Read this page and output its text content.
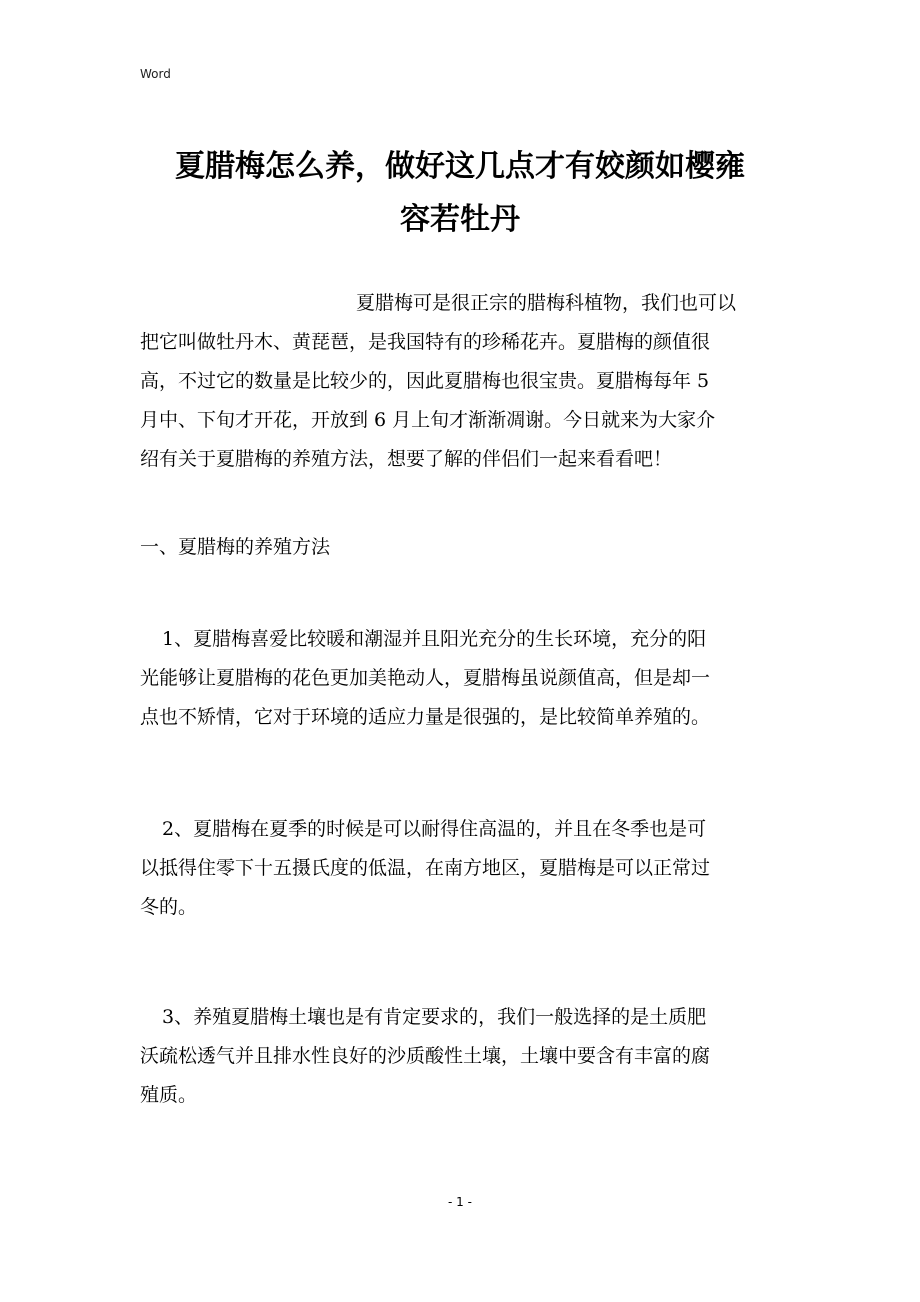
Word
夏腊梅怎么养，做好这几点才有姣颜如樱雍
容若牡丹
夏腊梅可是很正宗的腊梅科植物，我们也可以
把它叫做牡丹木、黄琵琶，是我国特有的珍稀花卉。夏腊梅的颜值很
高，不过它的数量是比较少的，因此夏腊梅也很宝贵。夏腊梅每年 5
月中、下旬才开花，开放到 6 月上旬才渐渐凋谢。今日就来为大家介
绍有关于夏腊梅的养殖方法，想要了解的伴侣们一起来看看吧！
一、夏腊梅的养殖方法
1、夏腊梅喜爱比较暖和潮湿并且阳光充分的生长环境，充分的阳
光能够让夏腊梅的花色更加美艳动人，夏腊梅虽说颜值高，但是却一
点也不矫情，它对于环境的适应力量是很强的，是比较简单养殖的。
2、夏腊梅在夏季的时候是可以耐得住高温的，并且在冬季也是可
以抵得住零下十五摄氏度的低温，在南方地区，夏腊梅是可以正常过
冬的。
3、养殖夏腊梅土壤也是有肯定要求的，我们一般选择的是土质肥
沃疏松透气并且排水性良好的沙质酸性土壤，土壤中要含有丰富的腐
殖质。
- 1 -
